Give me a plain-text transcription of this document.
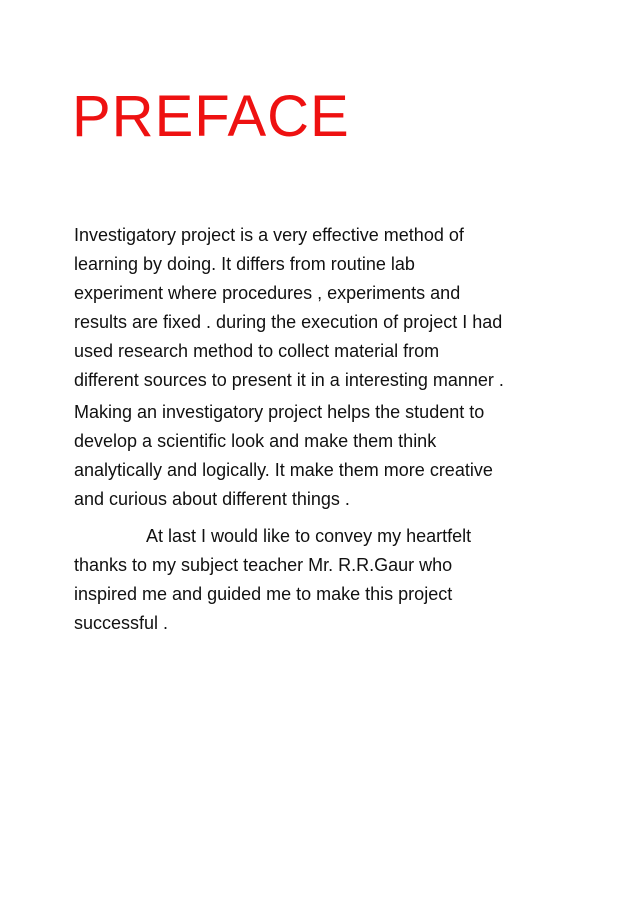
PREFACE
Investigatory project is a very effective method of
learning by doing. It differs from routine lab
experiment where procedures , experiments and
results are fixed . during the execution of project I had
used research method to collect material from
different sources to present it in a interesting manner .
Making an investigatory project helps the student to
develop a scientific look and make them think
analytically and logically. It make them more creative
and curious about different things .
At last I would like to convey my heartfelt
thanks to my subject teacher Mr. R.R.Gaur who
inspired me and guided me to make this project
successful .
